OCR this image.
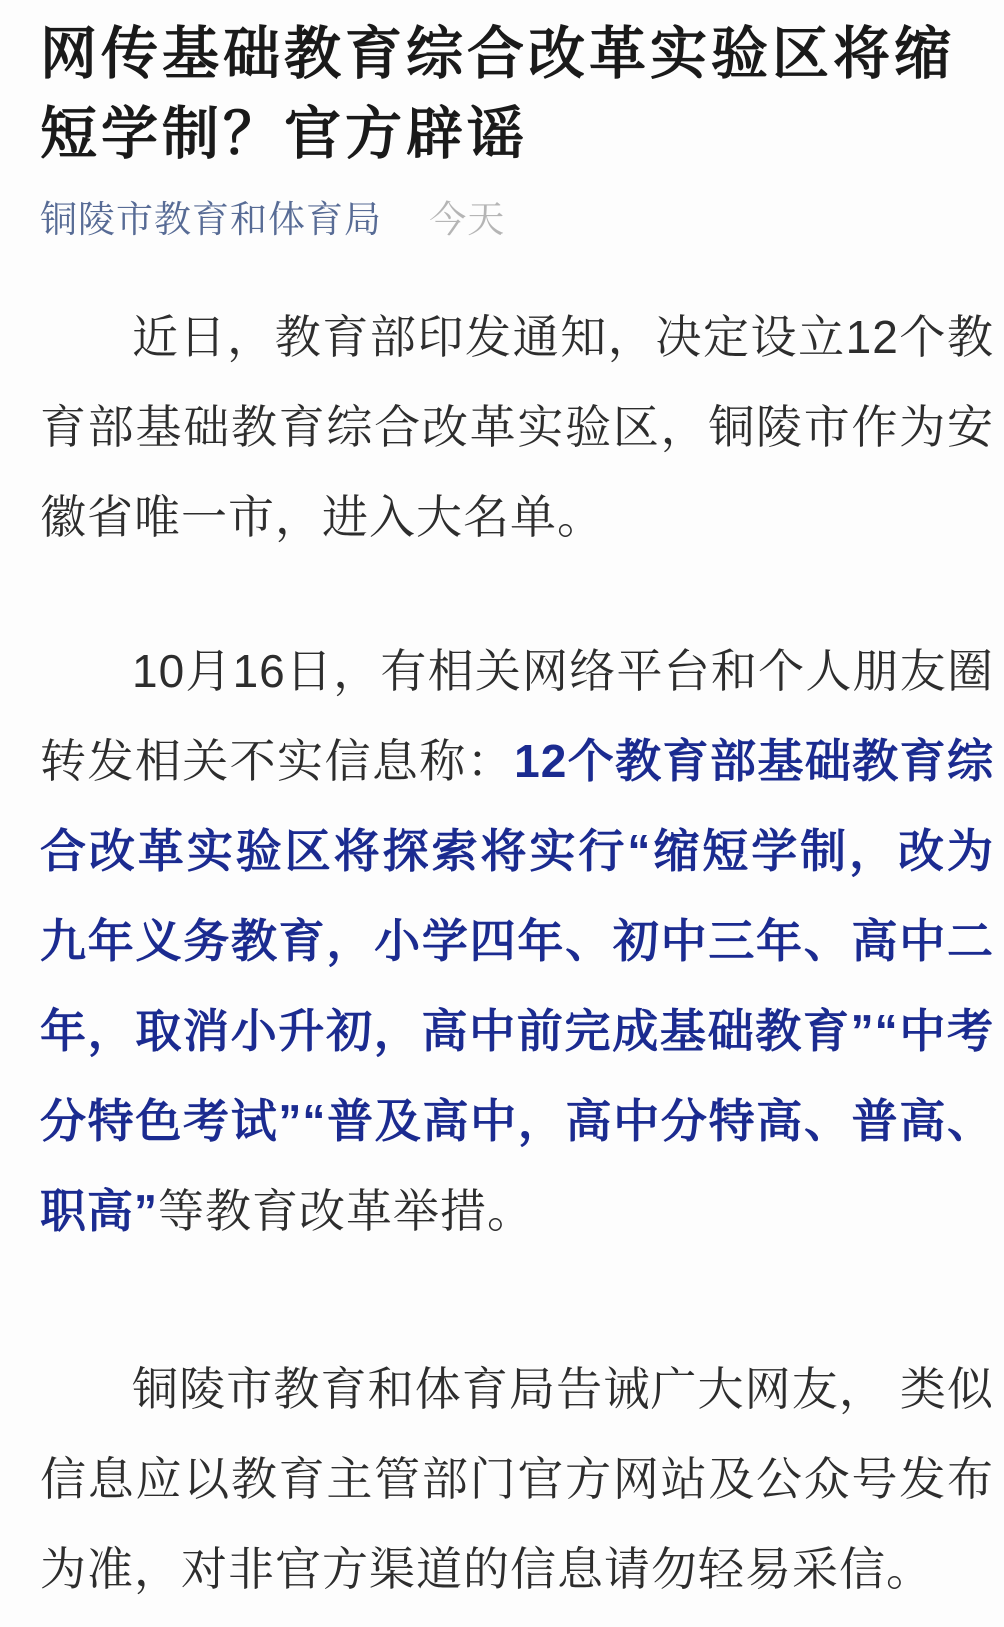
网传基础教育综合改革实验区将缩短学制？官方辟谣
铜陵市教育和体育局 今天

近日，教育部印发通知，决定设立12个教育部基础教育综合改革实验区，铜陵市作为安徽省唯一市，进入大名单。

10月16日，有相关网络平台和个人朋友圈转发相关不实信息称：12个教育部基础教育综合改革实验区将探索将实行“缩短学制，改为九年义务教育，小学四年、初中三年、高中二年，取消小升初，高中前完成基础教育”“中考分特色考试”“普及高中，高中分特高、普高、职高”等教育改革举措。

铜陵市教育和体育局告诫广大网友， 类似信息应以教育主管部门官方网站及公众号发布为准，对非官方渠道的信息请勿轻易采信。
